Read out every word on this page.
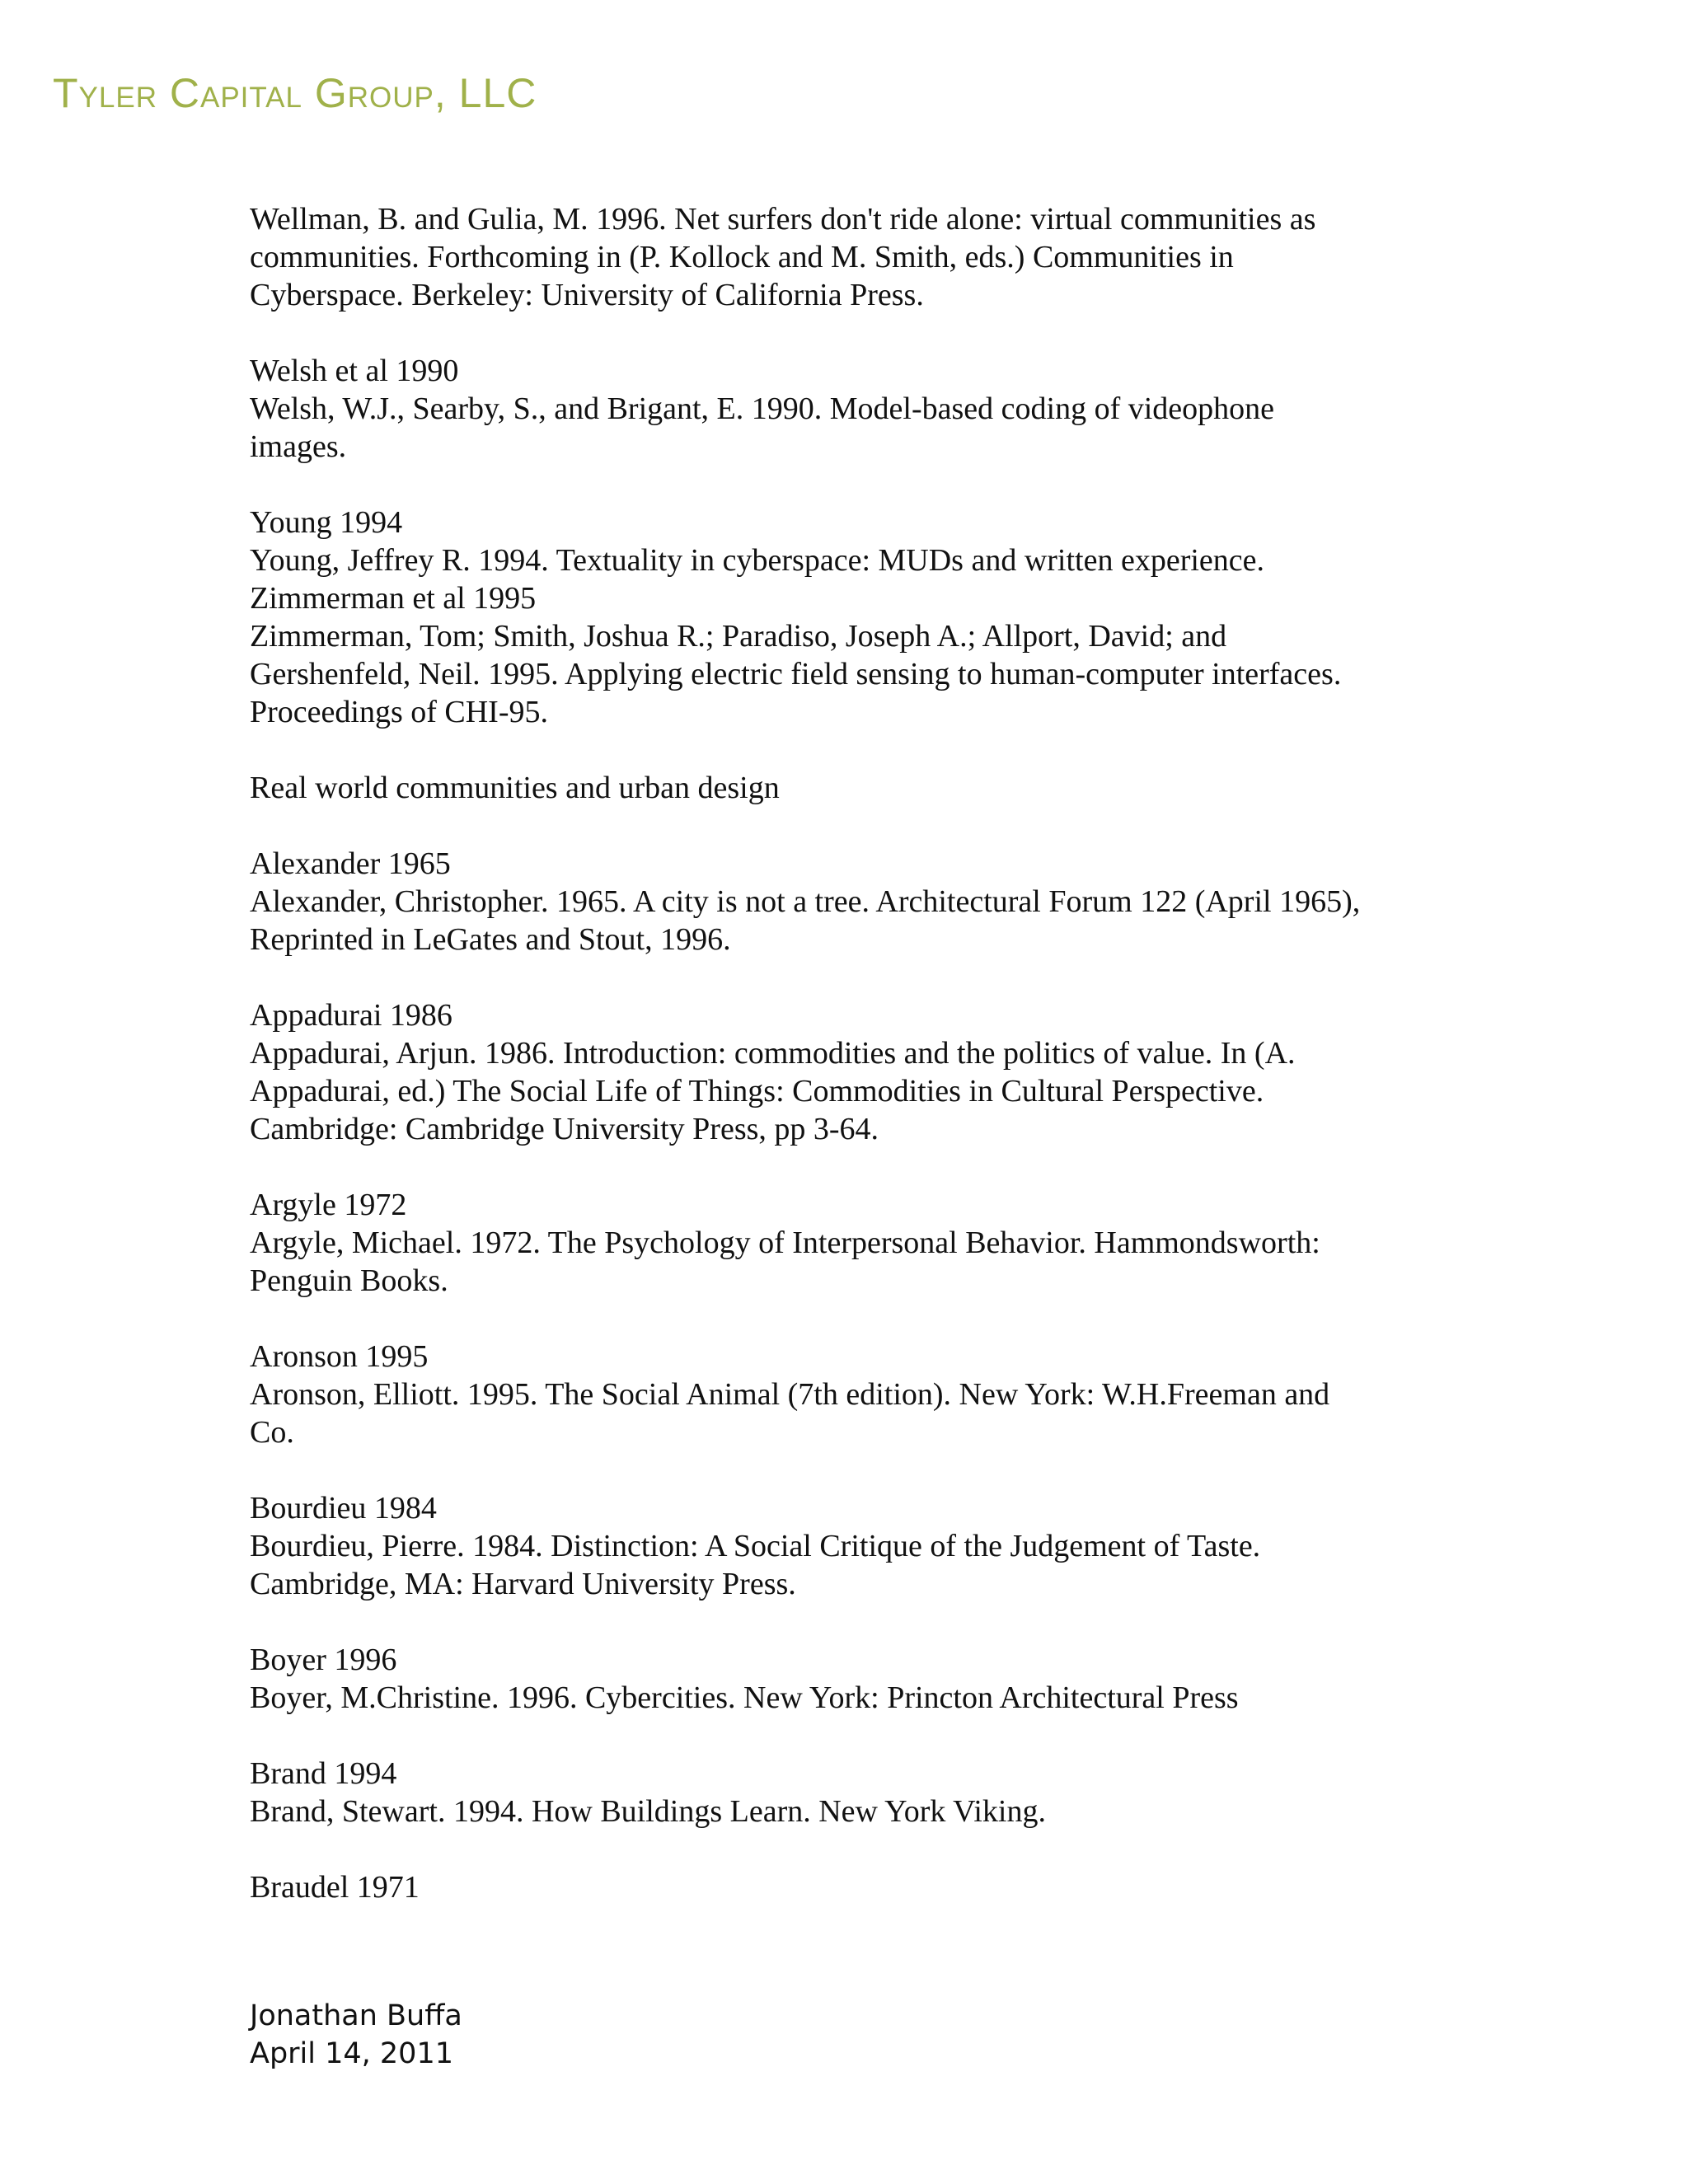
Tyler Capital Group, LLC
Wellman, B. and Gulia, M. 1996. Net surfers don't ride alone: virtual communities as
communities. Forthcoming in (P. Kollock and M. Smith, eds.) Communities in
Cyberspace. Berkeley: University of California Press.
Welsh et al 1990
Welsh, W.J., Searby, S., and Brigant, E. 1990. Model-based coding of videophone
images.
Young 1994
Young, Jeffrey R. 1994. Textuality in cyberspace: MUDs and written experience.
Zimmerman et al 1995
Zimmerman, Tom; Smith, Joshua R.; Paradiso, Joseph A.; Allport, David; and
Gershenfeld, Neil. 1995. Applying electric field sensing to human-computer interfaces.
Proceedings of CHI-95.
Real world communities and urban design
Alexander 1965
Alexander, Christopher. 1965. A city is not a tree. Architectural Forum 122 (April 1965),
Reprinted in LeGates and Stout, 1996.
Appadurai 1986
Appadurai, Arjun. 1986. Introduction: commodities and the politics of value. In (A.
Appadurai, ed.) The Social Life of Things: Commodities in Cultural Perspective.
Cambridge: Cambridge University Press, pp 3-64.
Argyle 1972
Argyle, Michael. 1972. The Psychology of Interpersonal Behavior. Hammondsworth:
Penguin Books.
Aronson 1995
Aronson, Elliott. 1995. The Social Animal (7th edition). New York: W.H.Freeman and
Co.
Bourdieu 1984
Bourdieu, Pierre. 1984. Distinction: A Social Critique of the Judgement of Taste.
Cambridge, MA: Harvard University Press.
Boyer 1996
Boyer, M.Christine. 1996. Cybercities. New York: Princton Architectural Press
Brand 1994
Brand, Stewart. 1994. How Buildings Learn. New York Viking.
Braudel 1971
Jonathan Buffa
April 14, 2011
